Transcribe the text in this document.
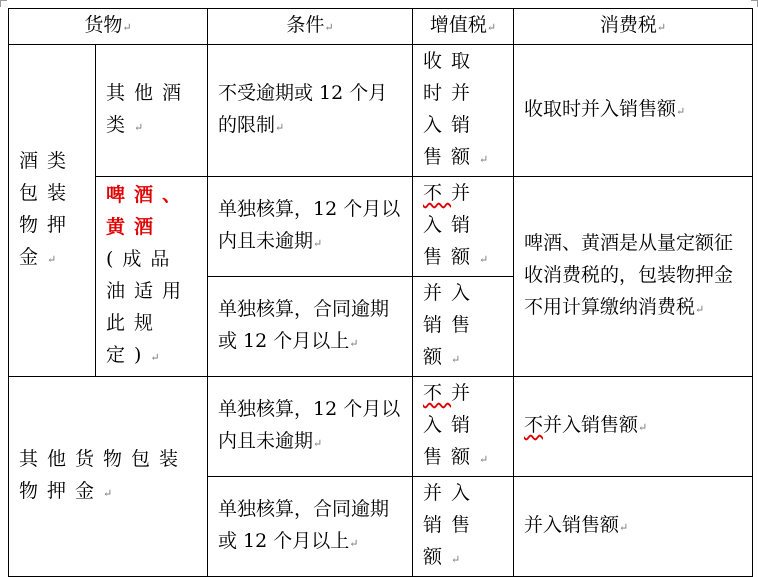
货物↵		条件↵	增值税↵	消费税↵
酒类包装物押金↵	其他酒类↵	不受逾期或 12 个月的限制↵	收取时并入销售额↵	收取时并入销售额↵
	啤酒、黄酒(成品油适用此规定)↵	单独核算，12 个月以内且未逾期↵	不并入销售额↵	啤酒、黄酒是从量定额征收消费税的，包装物押金不用计算缴纳消费税↵
		单独核算，合同逾期或 12 个月以上↵	并入销售额↵	
其他货物包装物押金↵		单独核算，12 个月以内且未逾期↵	不并入销售额↵	不并入销售额↵
		单独核算，合同逾期或 12 个月以上↵	并入销售额↵	并入销售额↵
